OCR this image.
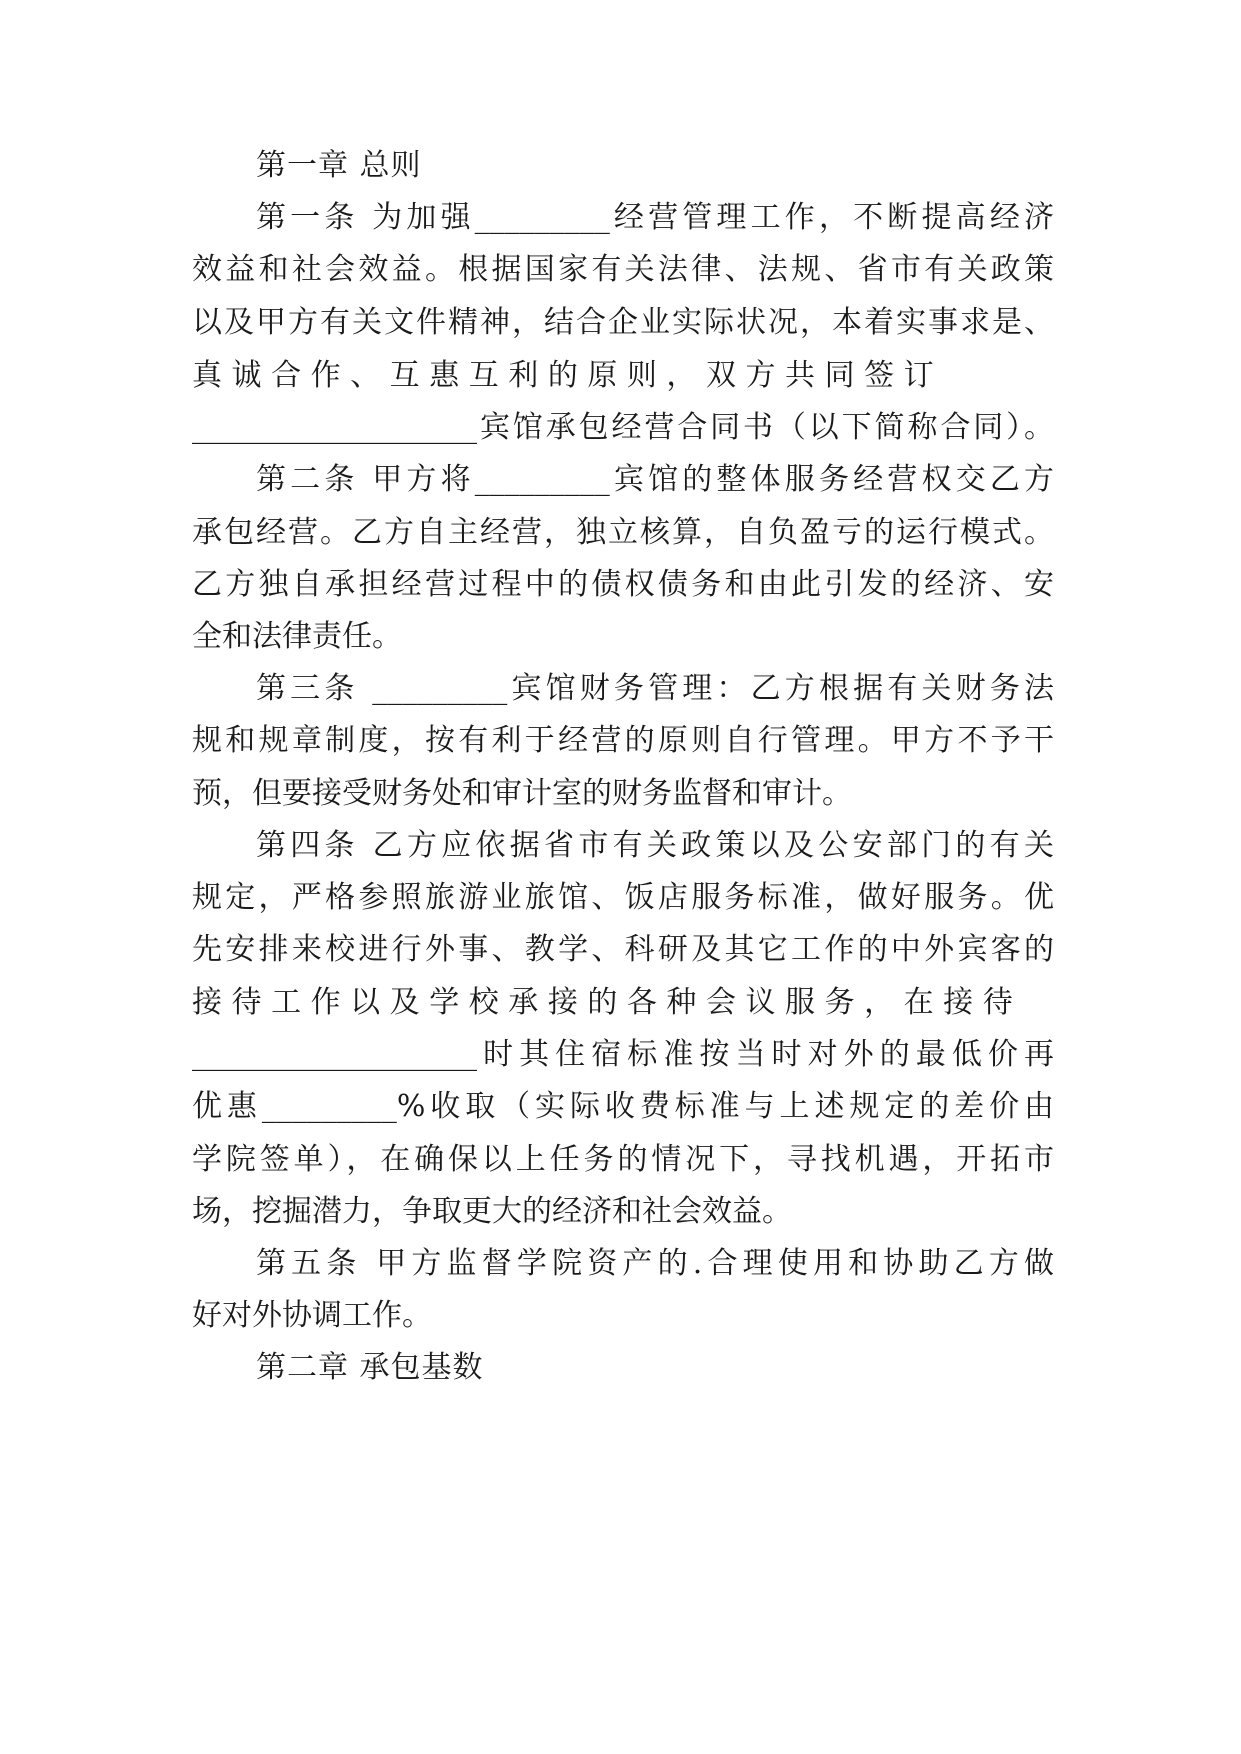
第一章 总则

第一条 为加强_________经营管理工作，不断提高经济

效益和社会效益。根据国家有关法律、法规、省市有关政策

以及甲方有关文件精神，结合企业实际状况，本着实事求是、

真 诚 合 作 、 互 惠 互 利 的 原 则 ， 双 方 共 同 签 订

___________________宾馆承包经营合同书（以下简称合同）。

第二条 甲方将_________宾馆的整体服务经营权交乙方

承包经营。乙方自主经营，独立核算，自负盈亏的运行模式。

乙方独自承担经营过程中的债权债务和由此引发的经济、安

全和法律责任。

第三条 _________宾馆财务管理：乙方根据有关财务法

规和规章制度，按有利于经营的原则自行管理。甲方不予干

预，但要接受财务处和审计室的财务监督和审计。

第四条 乙方应依据省市有关政策以及公安部门的有关

规定，严格参照旅游业旅馆、饭店服务标准，做好服务。优

先安排来校进行外事、教学、科研及其它工作的中外宾客的

接 待 工 作 以 及 学 校 承 接 的 各 种 会 议 服 务 ， 在 接 待

___________________时其住宿标准按当时对外的最低价再

优惠_________%收取（实际收费标准与上述规定的差价由

学院签单），在确保以上任务的情况下，寻找机遇，开拓市

场，挖掘潜力，争取更大的经济和社会效益。

第五条 甲方监督学院资产的.合理使用和协助乙方做

好对外协调工作。

第二章 承包基数
